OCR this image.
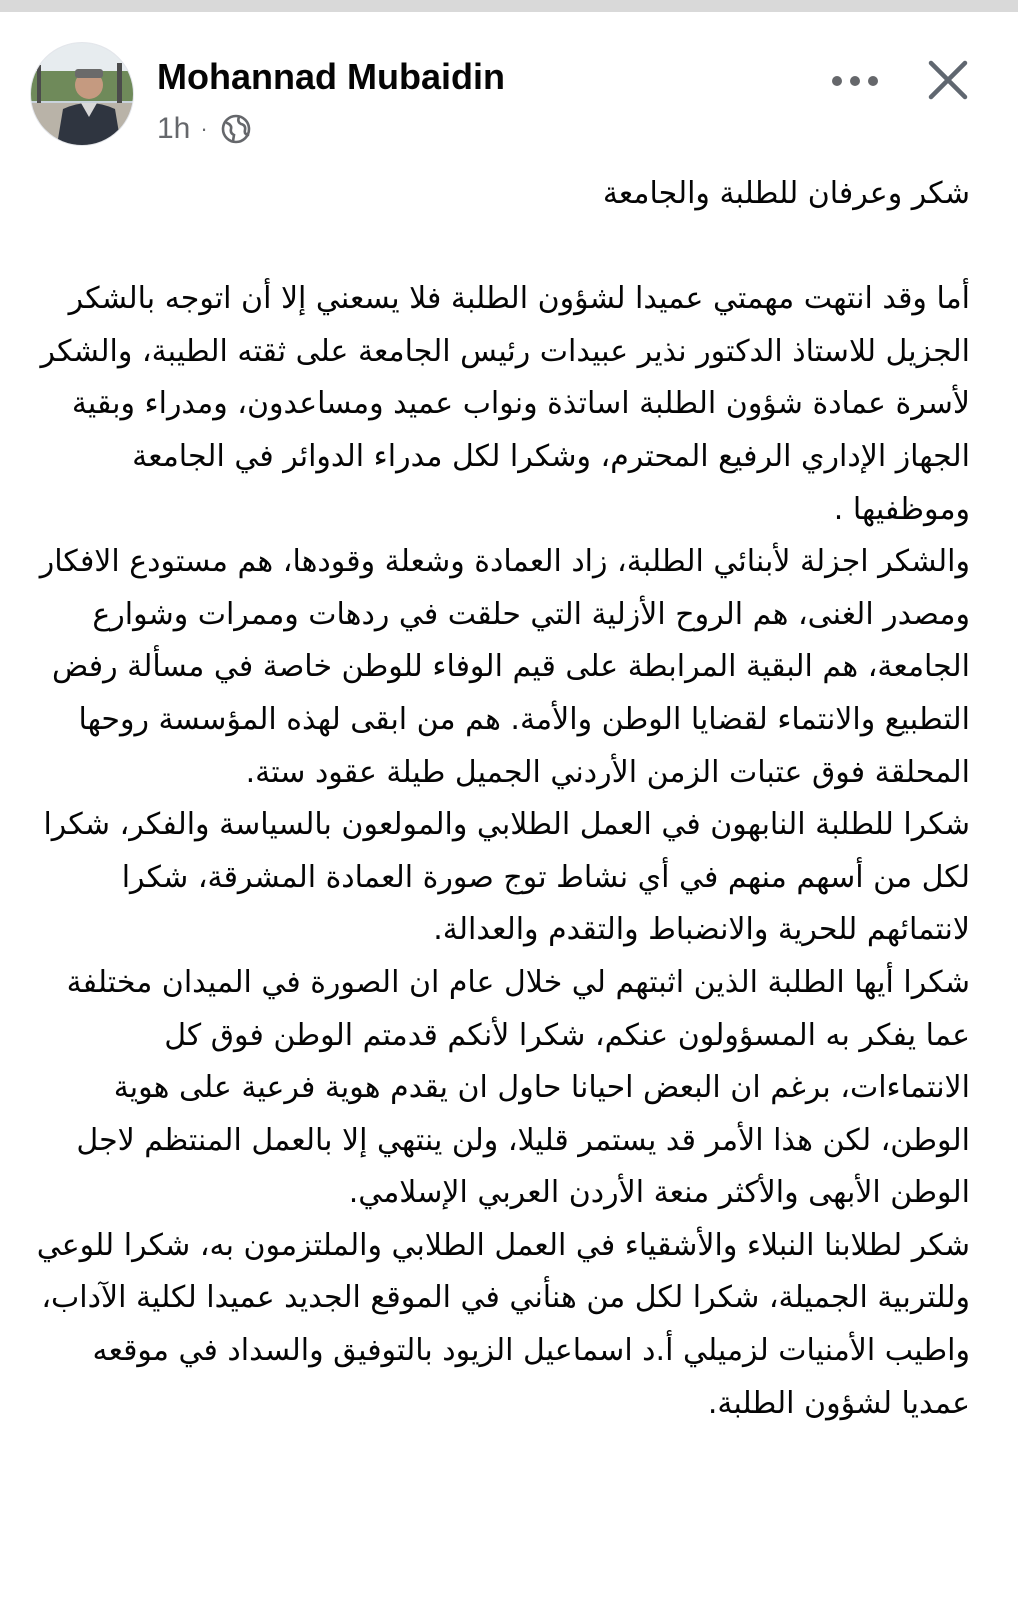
Mohannad Mubaidin
1h ·

شكر وعرفان للطلبة والجامعة

أما وقد انتهت مهمتي عميدا لشؤون الطلبة فلا يسعني إلا أن اتوجه بالشكر الجزيل للاستاذ الدكتور نذير عبيدات رئيس الجامعة على ثقته الطيبة، والشكر لأسرة عمادة شؤون الطلبة اساتذة ونواب عميد ومساعدون، ومدراء وبقية الجهاز الإداري الرفيع المحترم، وشكرا لكل مدراء الدوائر في الجامعة وموظفيها .

والشكر اجزلة لأبنائي الطلبة، زاد العمادة وشعلة وقودها، هم مستودع الافكار ومصدر الغنى، هم الروح الأزلية التي حلقت في ردهات وممرات وشوارع الجامعة، هم البقية المرابطة على قيم الوفاء للوطن خاصة في مسألة رفض التطبيع والانتماء لقضايا الوطن والأمة. هم من ابقى لهذه المؤسسة روحها المحلقة فوق عتبات الزمن الأردني الجميل طيلة عقود ستة.

شكرا للطلبة النابهون في العمل الطلابي والمولعون بالسياسة والفكر، شكرا لكل من أسهم منهم في أي نشاط توج صورة العمادة المشرقة، شكرا لانتمائهم للحرية والانضباط والتقدم والعدالة.

شكرا أيها الطلبة الذين اثبتهم لي خلال عام ان الصورة في الميدان مختلفة عما يفكر به المسؤولون عنكم، شكرا لأنكم قدمتم الوطن فوق كل الانتماءات، برغم ان البعض احيانا حاول ان يقدم هوية فرعية على هوية الوطن، لكن هذا الأمر قد يستمر قليلا، ولن ينتهي إلا بالعمل المنتظم لاجل الوطن الأبهى والأكثر منعة الأردن العربي الإسلامي.

شكر لطلابنا النبلاء والأشقياء في العمل الطلابي والملتزمون به، شكرا للوعي وللتربية الجميلة، شكرا لكل من هنأني في الموقع الجديد عميدا لكلية الآداب، واطيب الأمنيات لزميلي أ.د اسماعيل الزيود بالتوفيق والسداد في موقعه عمديا لشؤون الطلبة.
